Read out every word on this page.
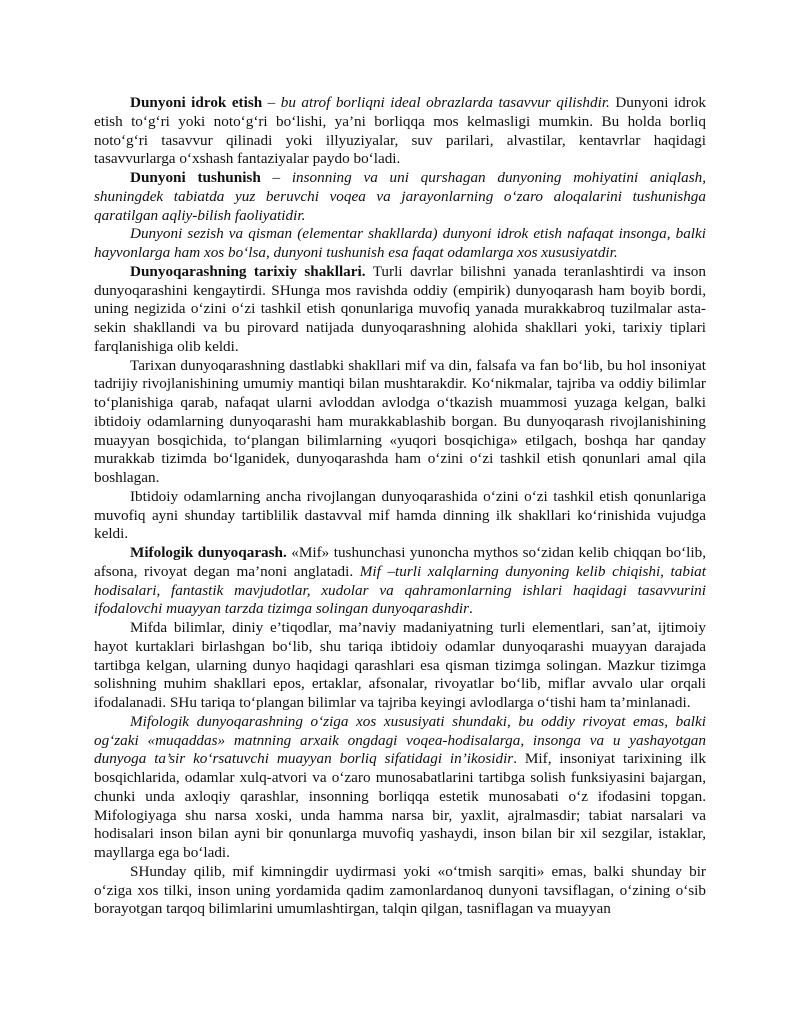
Dunyoni idrok etish – bu atrof borliqni ideal obrazlarda tasavvur qilishdir. Dunyoni idrok etish to‘g‘ri yoki noto‘g‘ri bo‘lishi, ya’ni borliqqa mos kelmasligi mumkin. Bu holda borliq noto‘g‘ri tasavvur qilinadi yoki illyuziyalar, suv parilari, alvastilar, kentavrlar haqidagi tasavvurlarga o‘xshash fantaziyalar paydo bo‘ladi.

Dunyoni tushunish – insonning va uni qurshagan dunyoning mohiyatini aniqlash, shuningdek tabiatda yuz beruvchi voqea va jarayonlarning o‘zaro aloqalarini tushunishga qaratilgan aqliy-bilish faoliyatidir.

Dunyoni sezish va qisman (elementar shakllarda) dunyoni idrok etish nafaqat insonga, balki hayvonlarga ham xos bo‘lsa, dunyoni tushunish esa faqat odamlarga xos xususiyatdir.

Dunyoqarashning tarixiy shakllari. Turli davrlar bilishni yanada teranlashtirdi va inson dunyoqarashini kengaytirdi. SHunga mos ravishda oddiy (empirik) dunyoqarash ham boyib bordi, uning negizida o‘zini o‘zi tashkil etish qonunlariga muvofiq yanada murakkabroq tuzilmalar asta-sekin shakllandi va bu pirovard natijada dunyoqarashning alohida shakllari yoki, tarixiy tiplari farqlanishiga olib keldi.

Tarixan dunyoqarashning dastlabki shakllari mif va din, falsafa va fan bo‘lib, bu hol insoniyat tadrijiy rivojlanishining umumiy mantiqi bilan mushtarakdir. Ko‘nikmalar, tajriba va oddiy bilimlar to‘planishiga qarab, nafaqat ularni avloddan avlodga o‘tkazish muammosi yuzaga kelgan, balki ibtidoiy odamlarning dunyoqarashi ham murakkablashib borgan. Bu dunyoqarash rivojlanishining muayyan bosqichida, to‘plangan bilimlarning «yuqori bosqichiga» etilgach, boshqa har qanday murakkab tizimda bo‘lganidek, dunyoqarashda ham o‘zini o‘zi tashkil etish qonunlari amal qila boshlagan.

Ibtidoiy odamlarning ancha rivojlangan dunyoqarashida o‘zini o‘zi tashkil etish qonunlariga muvofiq ayni shunday tartiblilik dastavval mif hamda dinning ilk shakllari ko‘rinishida vujudga keldi.

Mifologik dunyoqarash. «Mif» tushunchasi yunoncha mythos so‘zidan kelib chiqqan bo‘lib, afsona, rivoyat degan ma’noni anglatadi. Mif –turli xalqlarning dunyoning kelib chiqishi, tabiat hodisalari, fantastik mavjudotlar, xudolar va qahramonlarning ishlari haqidagi tasavvurini ifodalovchi muayyan tarzda tizimga solingan dunyoqarashdir.

Mifda bilimlar, diniy e’tiqodlar, ma’naviy madaniyatning turli elementlari, san’at, ijtimoiy hayot kurtaklari birlashgan bo‘lib, shu tariqa ibtidoiy odamlar dunyoqarashi muayyan darajada tartibga kelgan, ularning dunyo haqidagi qarashlari esa qisman tizimga solingan. Mazkur tizimga solishning muhim shakllari epos, ertaklar, afsonalar, rivoyatlar bo‘lib, miflar avvalo ular orqali ifodalanadi. SHu tariqa to‘plangan bilimlar va tajriba keyingi avlodlarga o‘tishi ham ta’minlanadi.

Mifologik dunyoqarashning o‘ziga xos xususiyati shundaki, bu oddiy rivoyat emas, balki og‘zaki «muqaddas» matnning arxaik ongdagi voqea-hodisalarga, insonga va u yashayotgan dunyoga ta’sir ko‘rsatuvchi muayyan borliq sifatidagi in’ikosidir. Mif, insoniyat tarixining ilk bosqichlarida, odamlar xulq-atvori va o‘zaro munosabatlarini tartibga solish funksiyasini bajargan, chunki unda axloqiy qarashlar, insonning borliqqa estetik munosabati o‘z ifodasini topgan. Mifologiyaga shu narsa xoski, unda hamma narsa bir, yaxlit, ajralmasdir; tabiat narsalari va hodisalari inson bilan ayni bir qonunlarga muvofiq yashaydi, inson bilan bir xil sezgilar, istaklar, mayllarga ega bo‘ladi.

SHunday qilib, mif kimningdir uydirmasi yoki «o‘tmish sarqiti» emas, balki shunday bir o‘ziga xos tilki, inson uning yordamida qadim zamonlardanoq dunyoni tavsiflagan, o‘zining o‘sib borayotgan tarqoq bilimlarini umumlashtirgan, talqin qilgan, tasniflagan va muayyan
